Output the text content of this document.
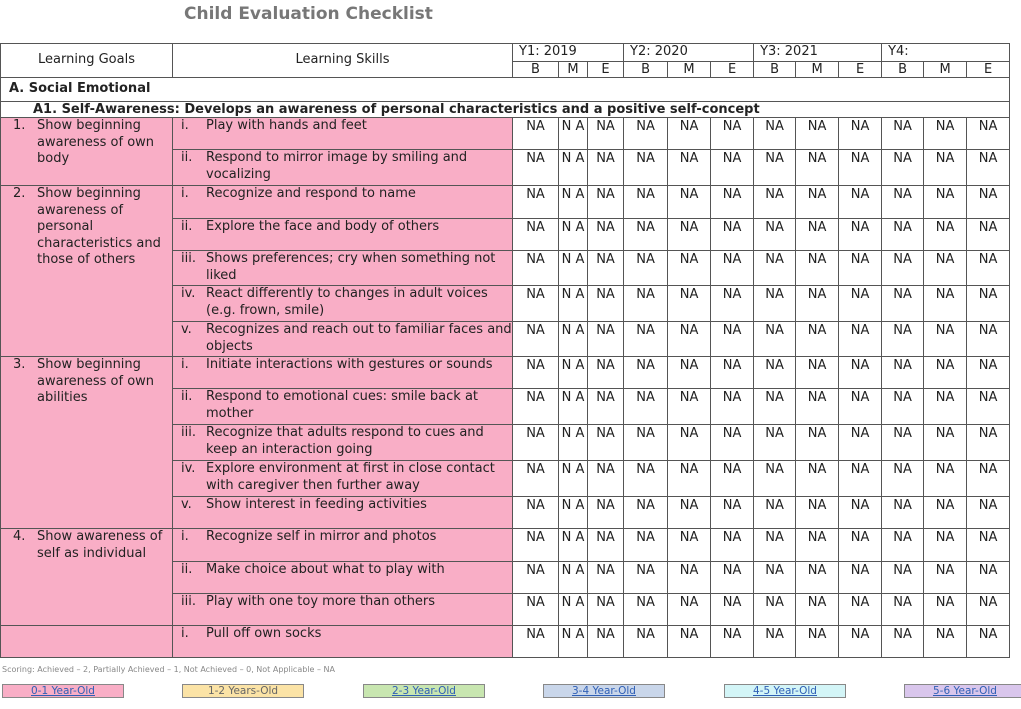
Child Evaluation Checklist
Learning Goals	Learning Skills	Y1: 2019			Y2: 2020			Y3: 2021			Y4:		
		B	M	E	B	M	E	B	M	E	B	M	E
A. Social Emotional													
A1. Self-Awareness: Develops an awareness of personal characteristics and a positive self-concept													

1. Show beginning awareness of own body	i. Play with hands and feet	NA	N A	NA	NA	NA	NA	NA	NA	NA	NA	NA	NA

	ii. Respond to mirror image by smiling and vocalizing	NA	N A	NA	NA	NA	NA	NA	NA	NA	NA	NA	NA

2. Show beginning awareness of personal characteristics and those of others	i. Recognize and respond to name	NA	N A	NA	NA	NA	NA	NA	NA	NA	NA	NA	NA

	ii. Explore the face and body of others	NA	N A	NA	NA	NA	NA	NA	NA	NA	NA	NA	NA

	iii. Shows preferences; cry when something not liked	NA	N A	NA	NA	NA	NA	NA	NA	NA	NA	NA	NA

	iv. React differently to changes in adult voices (e.g. frown, smile)	NA	N A	NA	NA	NA	NA	NA	NA	NA	NA	NA	NA

	v. Recognizes and reach out to familiar faces and objects	NA	N A	NA	NA	NA	NA	NA	NA	NA	NA	NA	NA

3. Show beginning awareness of own abilities	i. Initiate interactions with gestures or sounds	NA	N A	NA	NA	NA	NA	NA	NA	NA	NA	NA	NA

	ii. Respond to emotional cues: smile back at mother	NA	N A	NA	NA	NA	NA	NA	NA	NA	NA	NA	NA

	iii. Recognize that adults respond to cues and keep an interaction going	NA	N A	NA	NA	NA	NA	NA	NA	NA	NA	NA	NA

	iv. Explore environment at first in close contact with caregiver then further away	NA	N A	NA	NA	NA	NA	NA	NA	NA	NA	NA	NA

	v. Show interest in feeding activities	NA	N A	NA	NA	NA	NA	NA	NA	NA	NA	NA	NA

4. Show awareness of self as individual	i. Recognize self in mirror and photos	NA	N A	NA	NA	NA	NA	NA	NA	NA	NA	NA	NA

	ii. Make choice about what to play with	NA	N A	NA	NA	NA	NA	NA	NA	NA	NA	NA	NA

	iii. Play with one toy more than others	NA	N A	NA	NA	NA	NA	NA	NA	NA	NA	NA	NA

	i. Pull off own socks	NA	N A	NA	NA	NA	NA	NA	NA	NA	NA	NA	NA
Scoring: Achieved – 2, Partially Achieved – 1, Not Achieved – 0, Not Applicable – NA
0-1 Year-Old	1-2 Years-Old	2-3 Year-Old	3-4 Year-Old	4-5 Year-Old	5-6 Year-Old
